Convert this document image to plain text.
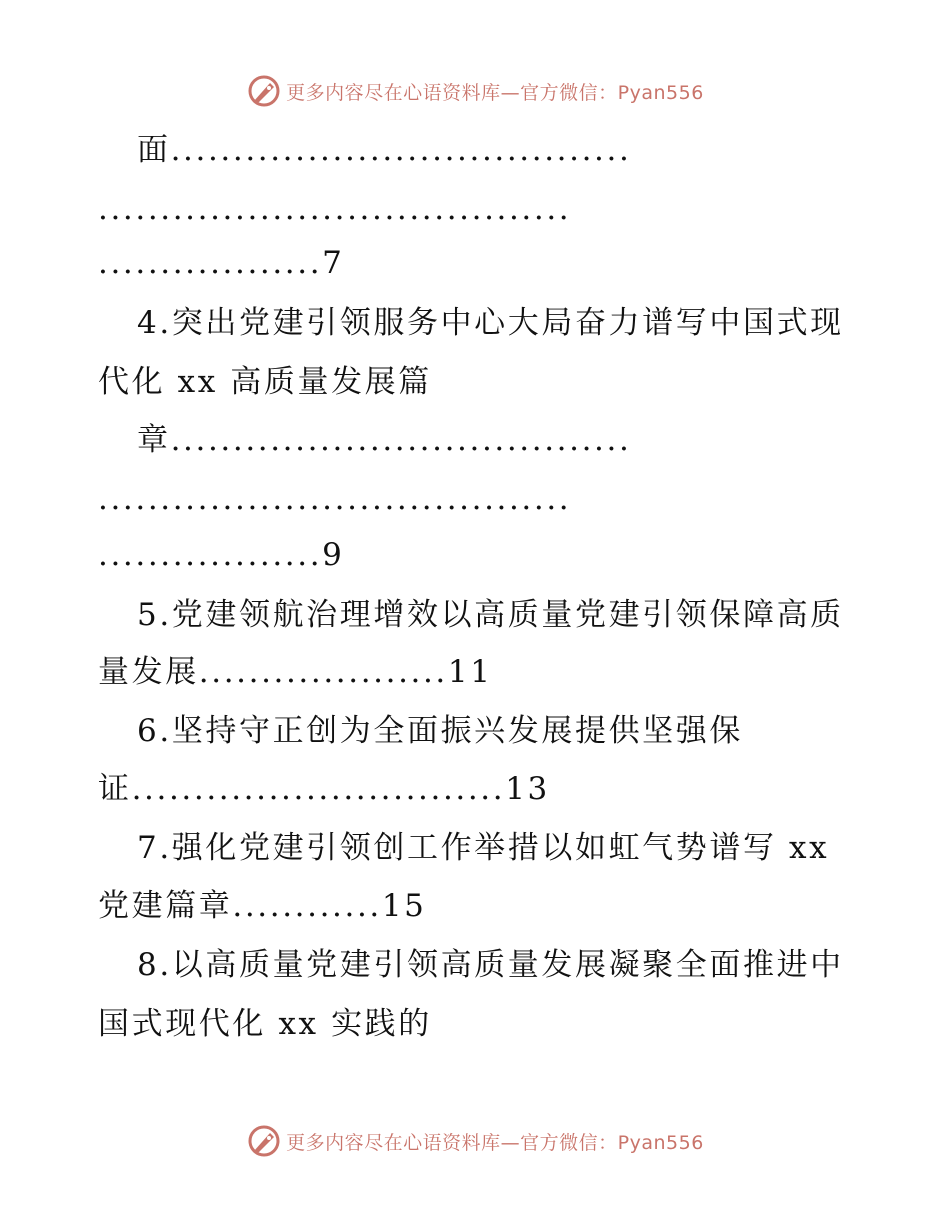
更多内容尽在心语资料库—官方微信：Pyan556
面.....................................
......................................
..................7
4.突出党建引领服务中心大局奋力谱写中国式现
代化 xx 高质量发展篇
章.....................................
......................................
..................9
5.党建领航治理增效以高质量党建引领保障高质
量发展....................11
6.坚持守正创为全面振兴发展提供坚强保
证..............................13
7.强化党建引领创工作举措以如虹气势谱写 xx
党建篇章............15
8.以高质量党建引领高质量发展凝聚全面推进中
国式现代化 xx 实践的
更多内容尽在心语资料库—官方微信：Pyan556
